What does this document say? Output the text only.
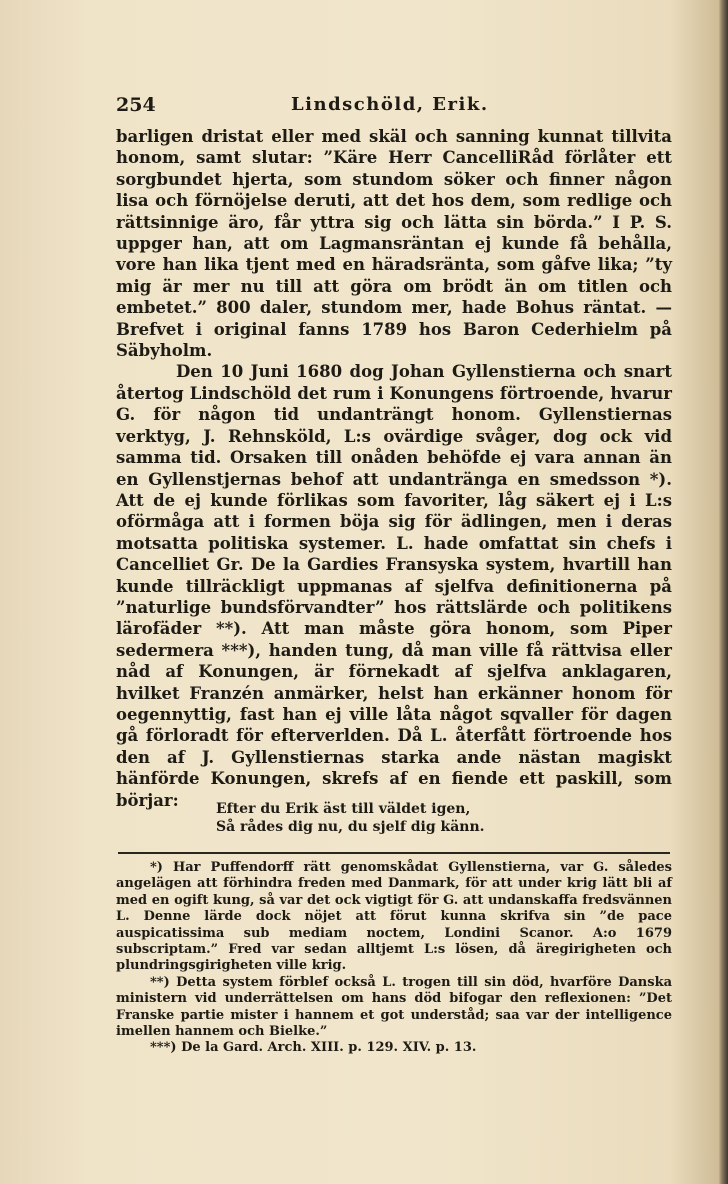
254	Lindschöld, Erik.

barligen dristat eller med skäl och sanning kunnat tillvita honom, samt slutar: ”Käre Herr CancelliRåd förlåter ett sorgbundet hjerta, som stundom söker och finner någon lisa och förnöjelse deruti, att det hos dem, som redlige och rättsinnige äro, får yttra sig och lätta sin börda.” I P. S. uppger han, att om Lagmansräntan ej kunde få behålla, vore han lika tjent med en häradsränta, som gåfve lika; ”ty mig är mer nu till att göra om brödt än om titlen och embetet.” 800 daler, stundom mer, hade Bohus räntat. — Brefvet i original fanns 1789 hos Baron Cederhielm på Säbyholm.

Den 10 Juni 1680 dog Johan Gyllenstierna och snart återtog Lindschöld det rum i Konungens förtroende, hvarur G. för någon tid undanträngt honom. Gyllenstiernas verktyg, J. Rehnsköld, L:s ovärdige svåger, dog ock vid samma tid. Orsaken till onåden behöfde ej vara annan än en Gyllenstjernas behof att undantränga en smedsson *). Att de ej kunde förlikas som favoriter, låg säkert ej i L:s oförmåga att i formen böja sig för ädlingen, men i deras motsatta politiska systemer. L. hade omfattat sin chefs i Cancelliet Gr. De la Gardies Fransyska system, hvartill han kunde tillräckligt uppmanas af sjelfva definitionerna på ”naturlige bundsförvandter” hos rättslärde och politikens lärofäder **). Att man måste göra honom, som Piper sedermera ***), handen tung, då man ville få rättvisa eller nåd af Konungen, är förnekadt af sjelfva anklagaren, hvilket Franzén anmärker, helst han erkänner honom för oegennyttig, fast han ej ville låta något sqvaller för dagen gå förloradt för efterverlden. Då L. återfått förtroende hos den af J. Gyllenstiernas starka ande nästan magiskt hänförde Konungen, skrefs af en fiende ett paskill, som börjar:	Efter du Erik äst till väldet igen,
Så rådes dig nu, du sjelf dig känn.

*) Har Puffendorff rätt genomskådat Gyllenstierna, var G. således angelägen att förhindra freden med Danmark, för att under krig lätt bli af med en ogift kung, så var det ock vigtigt för G. att undanskaffa fredsvännen L. Denne lärde dock nöjet att förut kunna skrifva sin ”de pace auspicatissima sub mediam noctem, Londini Scanor. A:o 1679 subscriptam.” Fred var sedan alltjemt L:s lösen, då äregirigheten och plundringsgirigheten ville krig.

**) Detta system förblef också L. trogen till sin död, hvarföre Danska ministern vid underrättelsen om hans död bifogar den reflexionen: ”Det Franske partie mister i hannem et got underståd; saa var der intelligence imellen hannem och Bielke.”

***) De la Gard. Arch. XIII. p. 129. XIV. p. 13.
